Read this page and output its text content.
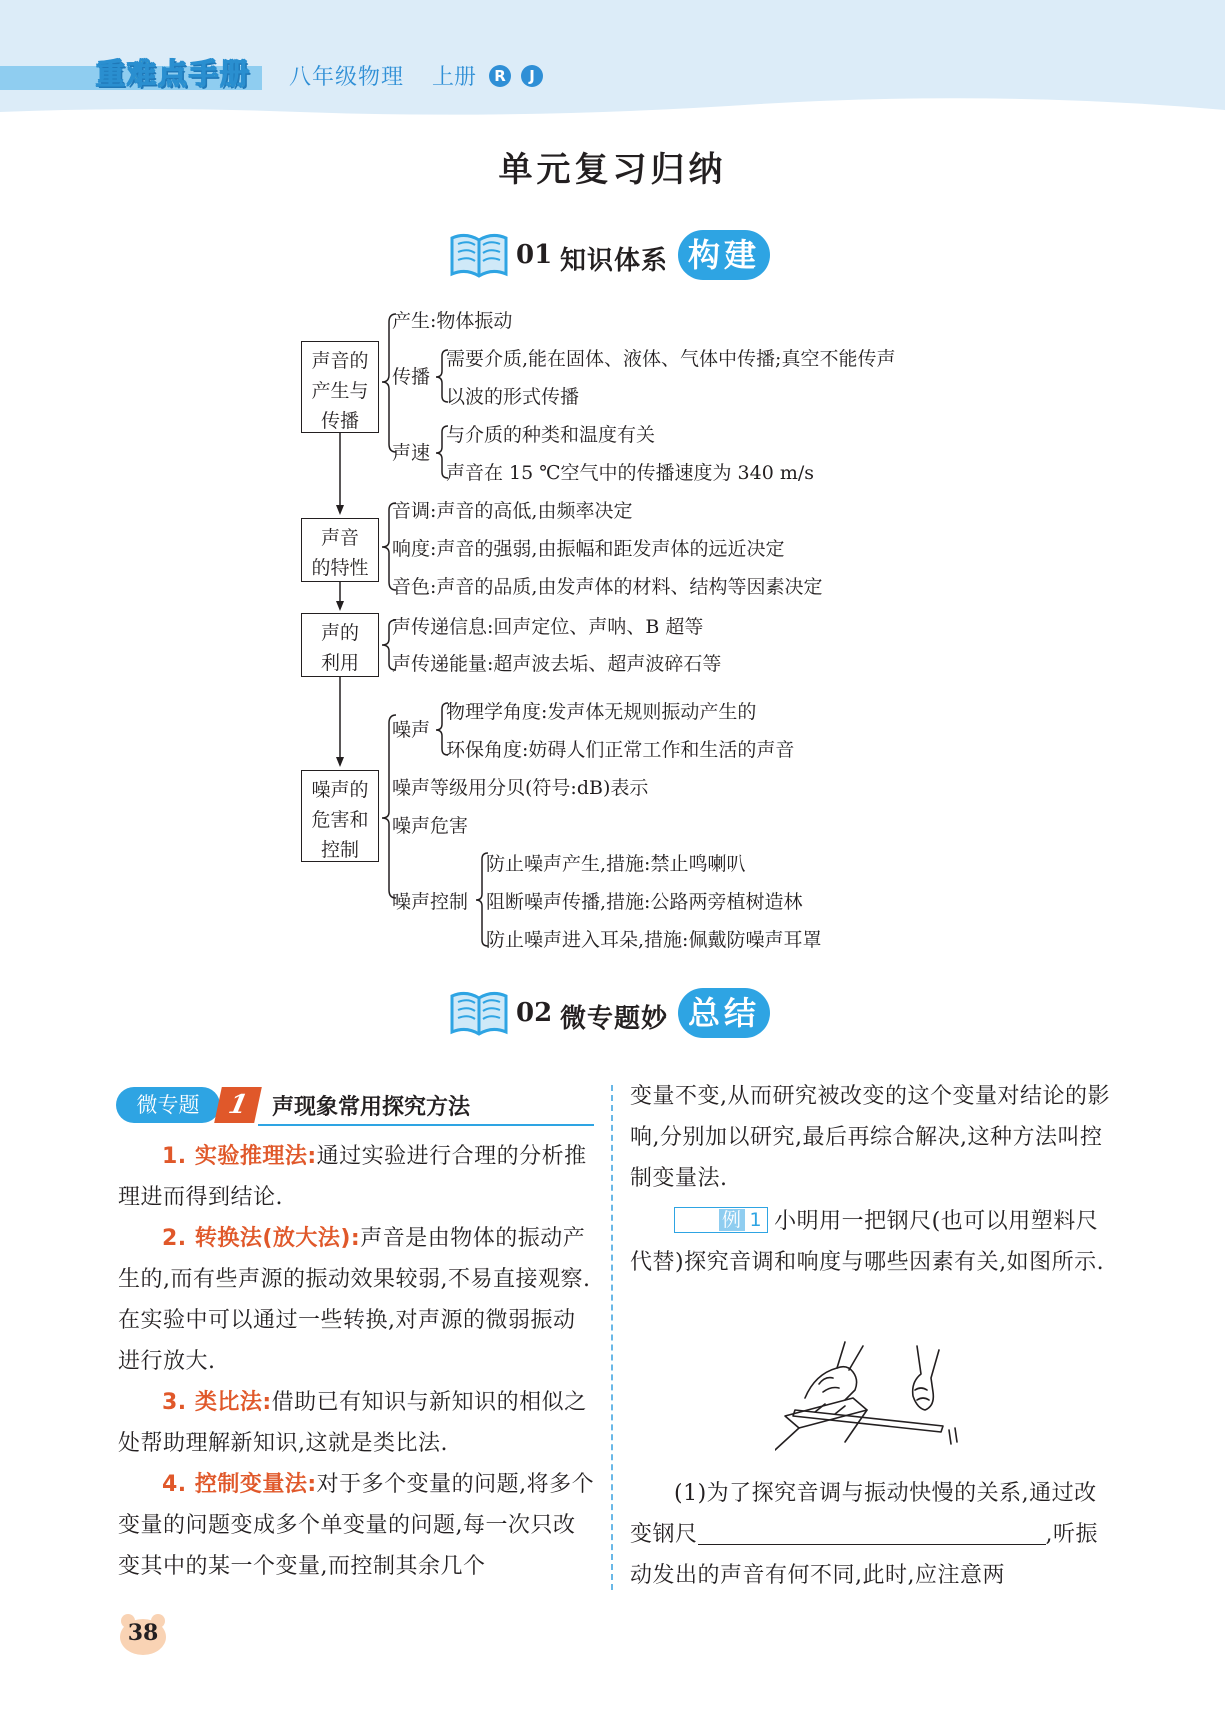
重难点手册 八年级物理 上册	R	J
单元复习归纳
01 知识体系 构建
声音的
产生与
传播
产生:物体振动
传播
需要介质,能在固体、液体、气体中传播;真空不能传声
以波的形式传播
声速
与介质的种类和温度有关
声音在 15 ℃空气中的传播速度为 340 m/s
声音
的特性
音调:声音的高低,由频率决定
响度:声音的强弱,由振幅和距发声体的远近决定
音色:声音的品质,由发声体的材料、结构等因素决定
声的
利用
声传递信息:回声定位、声呐、B 超等
声传递能量:超声波去垢、超声波碎石等
噪声的
危害和
控制
噪声
物理学角度:发声体无规则振动产生的
环保角度:妨碍人们正常工作和生活的声音
噪声等级用分贝(符号:dB)表示
噪声危害
噪声控制
防止噪声产生,措施:禁止鸣喇叭
阻断噪声传播,措施:公路两旁植树造林
防止噪声进入耳朵,措施:佩戴防噪声耳罩
02 微专题妙 总结
微专题	1 声现象常用探究方法

1. 实验推理法:通过实验进行合理的分析推理进而得到结论.

2. 转换法(放大法):声音是由物体的振动产生的,而有些声源的振动效果较弱,不易直接观察. 在实验中可以通过一些转换,对声源的微弱振动进行放大.

3. 类比法:借助已有知识与新知识的相似之处帮助理解新知识,这就是类比法.

4. 控制变量法:对于多个变量的问题,将多个变量的问题变成多个单变量的问题,每一次只改变其中的某一个变量,而控制其余几个

变量不变,从而研究被改变的这个变量对结论的影响,分别加以研究,最后再综合解决,这种方法叫控制变量法.

例 1 小明用一把钢尺(也可以用塑料尺代替)探究音调和响度与哪些因素有关,如图所示.

(1)为了探究音调与振动快慢的关系,通过改变钢尺	,听振动发出的声音有何不同,此时,应注意两

38
